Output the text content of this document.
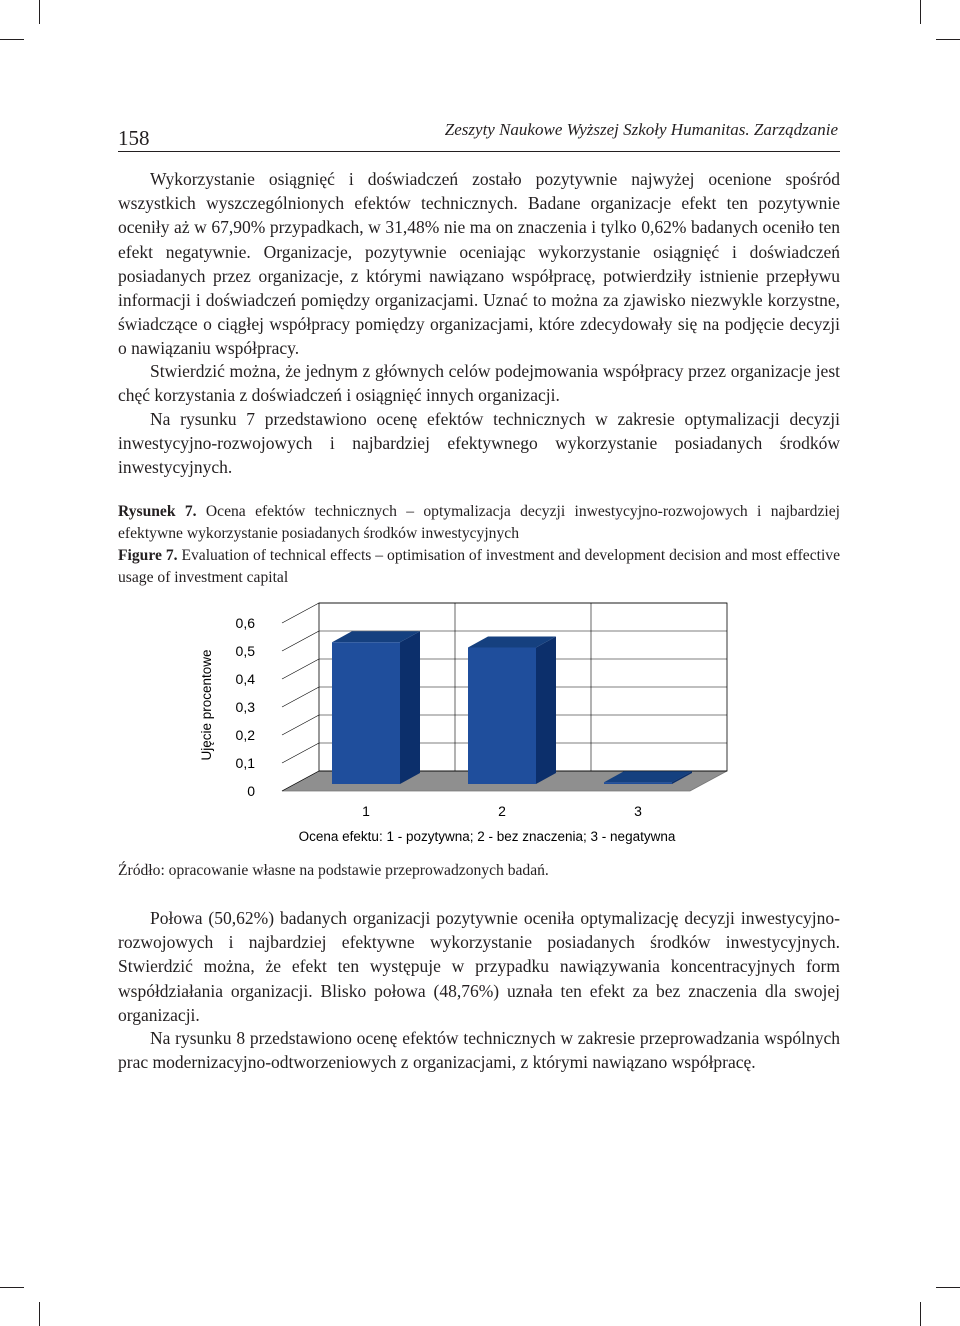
158	Zeszyty Naukowe Wyższej Szkoły Humanitas. Zarządzanie

Wykorzystanie osiągnięć i doświadczeń zostało pozytywnie najwyżej ocenione spośród wszystkich wyszczególnionych efektów technicznych. Badane organizacje efekt ten pozytywnie oceniły aż w 67,90% przypadkach, w 31,48% nie ma on znaczenia i tylko 0,62% badanych oceniło ten efekt negatywnie. Organizacje, pozytywnie oceniając wykorzystanie osiągnięć i doświadczeń posiadanych przez organizacje, z którymi nawiązano współpracę, potwierdziły istnienie przepływu informacji i doświadczeń pomiędzy organizacjami. Uznać to można za zjawisko niezwykle korzystne, świadczące o ciągłej współpracy pomiędzy organizacjami, które zdecydowały się na podjęcie decyzji o nawiązaniu współpracy.

Stwierdzić można, że jednym z głównych celów podejmowania współpracy przez organizacje jest chęć korzystania z doświadczeń i osiągnięć innych organizacji.

Na rysunku 7 przedstawiono ocenę efektów technicznych w zakresie optymalizacji decyzji inwestycyjno-rozwojowych i najbardziej efektywnego wykorzystanie posiadanych środków inwestycyjnych.

Rysunek 7. Ocena efektów technicznych – optymalizacja decyzji inwestycyjno-rozwojowych i najbardziej efektywne wykorzystanie posiadanych środków inwestycyjnych

Figure 7. Evaluation of technical effects – optimisation of investment and development decision and most effective usage of investment capital

0
0,1
0,2
0,3
0,4
0,5
0,6
1	2	3
Ujęcie procentowe
Ocena efektu: 1 - pozytywna; 2 - bez znaczenia; 3 - negatywna

Źródło: opracowanie własne na podstawie przeprowadzonych badań.

Połowa (50,62%) badanych organizacji pozytywnie oceniła optymalizację decyzji inwestycyjno-rozwojowych i najbardziej efektywne wykorzystanie posiadanych środków inwestycyjnych. Stwierdzić można, że efekt ten występuje w przypadku nawiązywania koncentracyjnych form współdziałania organizacji. Blisko połowa (48,76%) uznała ten efekt za bez znaczenia dla swojej organizacji.

Na rysunku 8 przedstawiono ocenę efektów technicznych w zakresie przeprowadzania wspólnych prac modernizacyjno-odtworzeniowych z organizacjami, z którymi nawiązano współpracę.
